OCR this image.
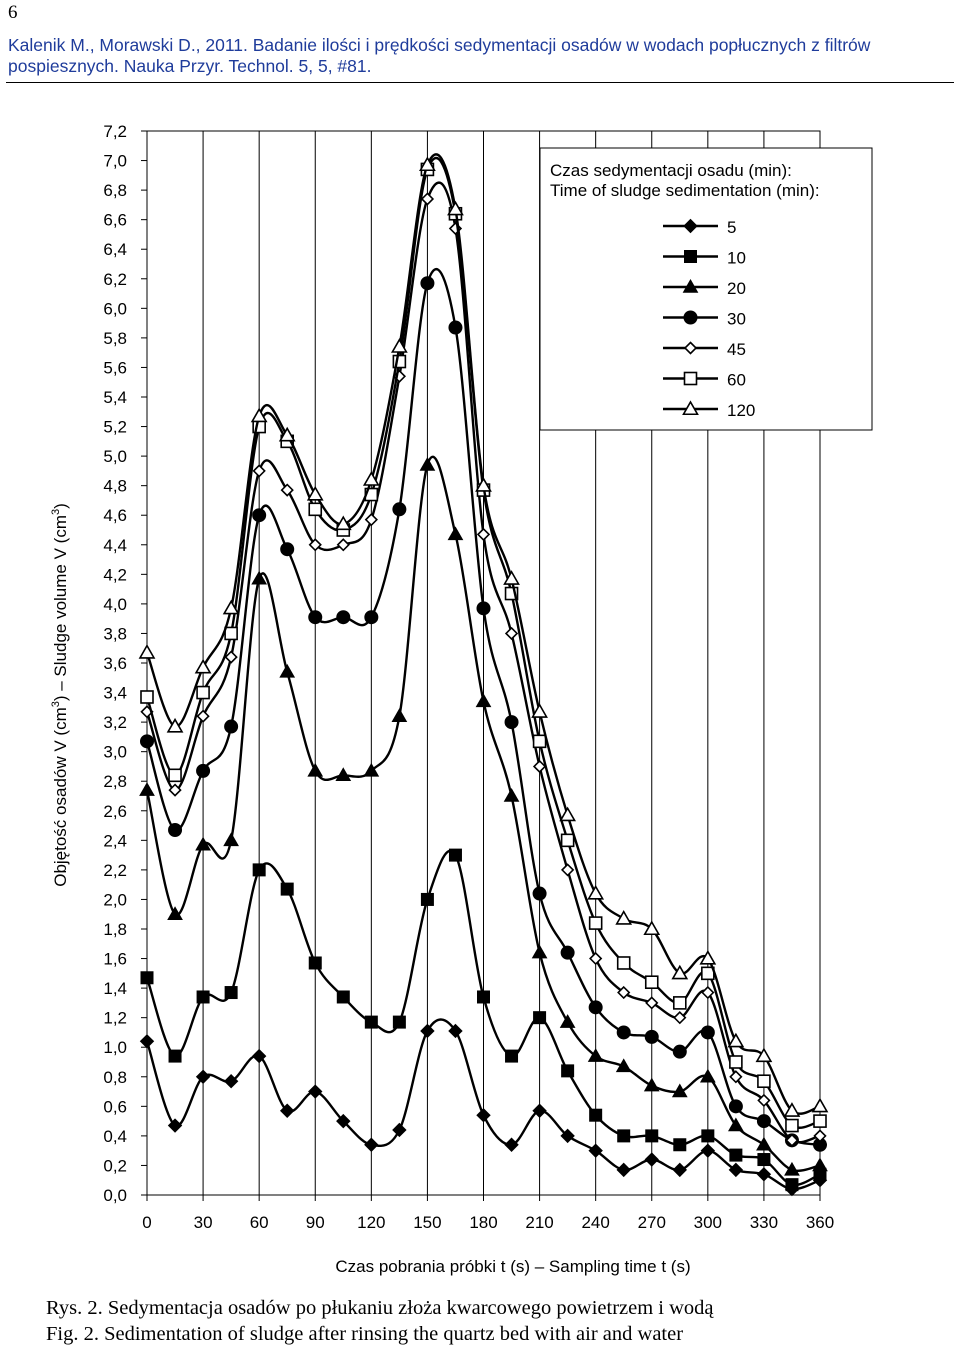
6
Kalenik M., Morawski D., 2011. Badanie ilości i prędkości sedymentacji osadów w wodach popłucznych z filtrów pospiesznych. Nauka Przyr. Technol. 5, 5, #81.
0 30 60 90 120 150 180 210 240 270 300 330 360
0,0
0,2
0,4
0,6
0,8
1,0
1,2
1,4
1,6
1,8
2,0
2,2
2,4
2,6
2,8
3,0
3,2
3,4
3,6
3,8
4,0
4,2
4,4
4,6
4,8
5,0
5,2
5,4
5,6
5,8
6,0
6,2
6,4
6,6
6,8
7,0
7,2
Objętość osadów V $(cm^3)$ – Sludge volume V $(cm^3)$
Czas pobrania próbki t (s) – Sampling time t (s)
Czas sedymentacji osadu (min):
Time of sludge sedimentation (min):
5
10
20
30
45
60
120
Rys. 2. Sedymentacja osadów po płukaniu złoża kwarcowego powietrzem i wodą
Fig. 2. Sedimentation of sludge after rinsing the quartz bed with air and water
